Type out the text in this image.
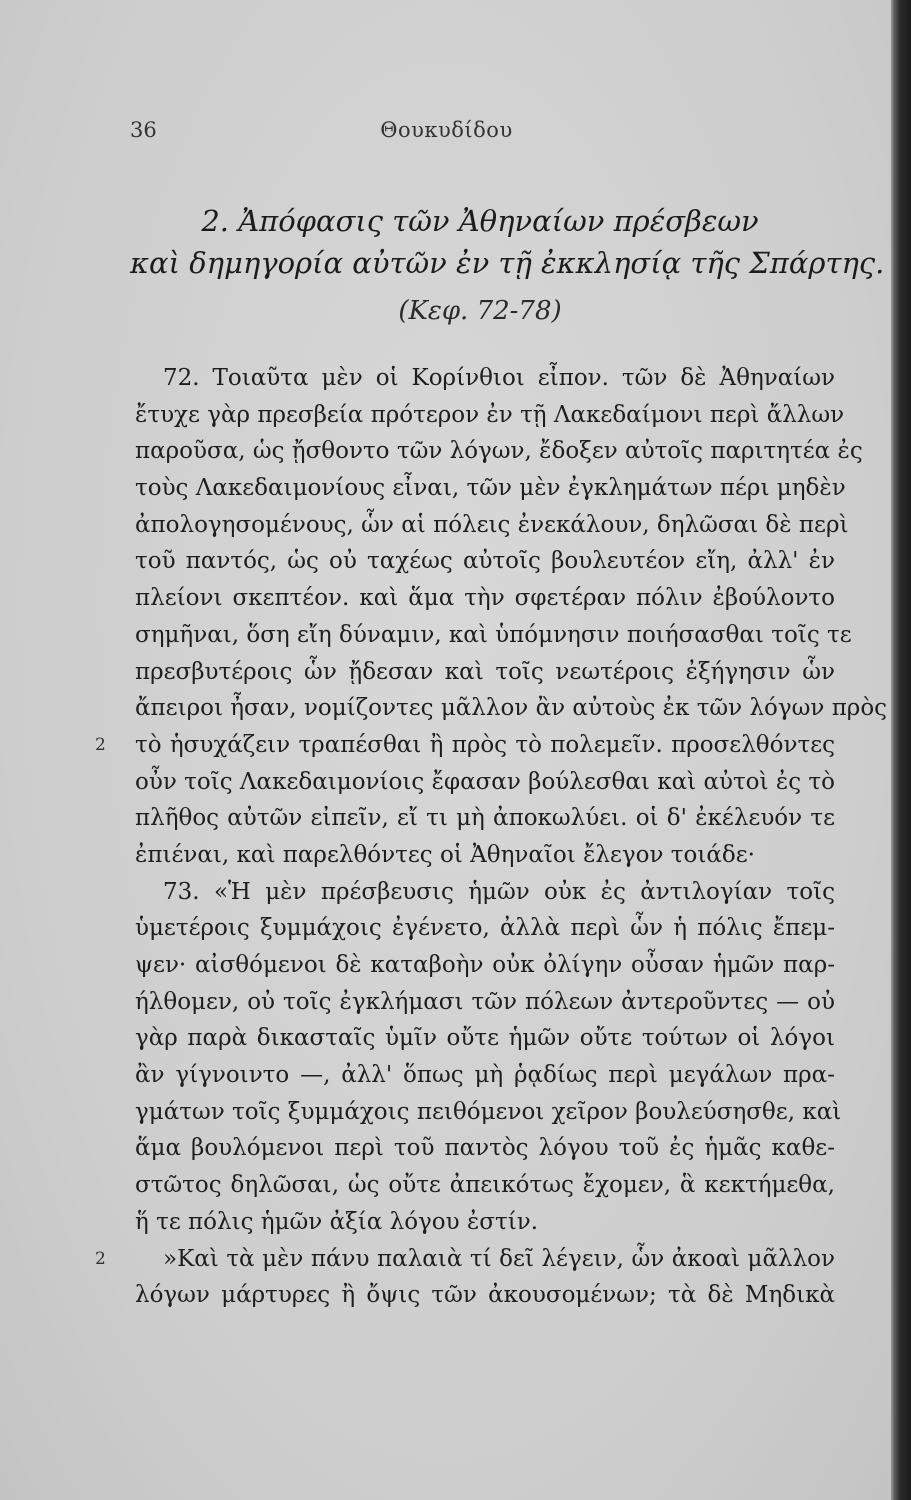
36	Θουκυδίδου
2. Ἀπόφασις τῶν Ἀθηναίων πρέσβεων
καὶ δημηγορία αὐτῶν ἐν τῇ ἐκκλησίᾳ τῆς Σπάρτης.
(Κεφ. 72-78)
72. Τοιαῦτα μὲν οἱ Κορίνθιοι εἶπον. τῶν δὲ Ἀθηναίων
ἔτυχε γὰρ πρεσβεία πρότερον ἐν τῇ Λακεδαίμονι περὶ ἄλλων
παροῦσα, ὡς ᾔσθοντο τῶν λόγων, ἔδοξεν αὐτοῖς παριτητέα ἐς
τοὺς Λακεδαιμονίους εἶναι, τῶν μὲν ἐγκλημάτων πέρι μηδὲν
ἀπολογησομένους, ὧν αἱ πόλεις ἐνεκάλουν, δηλῶσαι δὲ περὶ
τοῦ παντός, ὡς οὐ ταχέως αὐτοῖς βουλευτέον εἴη, ἀλλ' ἐν
πλείονι σκεπτέον. καὶ ἅμα τὴν σφετέραν πόλιν ἐβούλοντο
σημῆναι, ὅση εἴη δύναμιν, καὶ ὑπόμνησιν ποιήσασθαι τοῖς τε
πρεσβυτέροις ὧν ᾔδεσαν καὶ τοῖς νεωτέροις ἐξήγησιν ὧν
ἄπειροι ἦσαν, νομίζοντες μᾶλλον ἂν αὐτοὺς ἐκ τῶν λόγων πρὸς
2 τὸ ἡσυχάζειν τραπέσθαι ἢ πρὸς τὸ πολεμεῖν. προσελθόντες
οὖν τοῖς Λακεδαιμονίοις ἔφασαν βούλεσθαι καὶ αὐτοὶ ἐς τὸ
πλῆθος αὐτῶν εἰπεῖν, εἴ τι μὴ ἀποκωλύει. οἱ δ' ἐκέλευόν τε
ἐπιέναι, καὶ παρελθόντες οἱ Ἀθηναῖοι ἔλεγον τοιάδε·
73. «Ἡ μὲν πρέσβευσις ἡμῶν οὐκ ἐς ἀντιλογίαν τοῖς
ὑμετέροις ξυμμάχοις ἐγένετο, ἀλλὰ περὶ ὧν ἡ πόλις ἔπεμ-
ψεν· αἰσθόμενοι δὲ καταβοὴν οὐκ ὀλίγην οὖσαν ἡμῶν παρ-
ήλθομεν, οὐ τοῖς ἐγκλήμασι τῶν πόλεων ἀντεροῦντες — οὐ
γὰρ παρὰ δικασταῖς ὑμῖν οὔτε ἡμῶν οὔτε τούτων οἱ λόγοι
ἂν γίγνοιντο —, ἀλλ' ὅπως μὴ ῥᾳδίως περὶ μεγάλων πρα-
γμάτων τοῖς ξυμμάχοις πειθόμενοι χεῖρον βουλεύσησθε, καὶ
ἅμα βουλόμενοι περὶ τοῦ παντὸς λόγου τοῦ ἐς ἡμᾶς καθε-
στῶτος δηλῶσαι, ὡς οὔτε ἀπεικότως ἔχομεν, ἃ κεκτήμεθα,
ἥ τε πόλις ἡμῶν ἀξία λόγου ἐστίν.
2 »Καὶ τὰ μὲν πάνυ παλαιὰ τί δεῖ λέγειν, ὧν ἀκοαὶ μᾶλλον
λόγων μάρτυρες ἢ ὄψις τῶν ἀκουσομένων; τὰ δὲ Μηδικὰ
